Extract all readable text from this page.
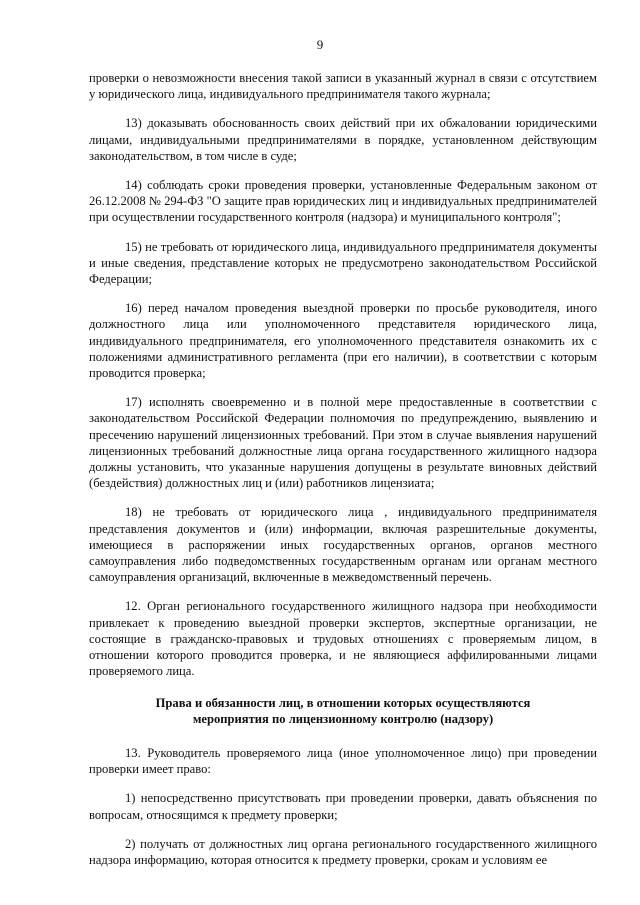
9

проверки о невозможности внесения такой записи в указанный журнал в связи с отсутствием у юридического лица, индивидуального предпринимателя такого журнала;

13) доказывать обоснованность своих действий при их обжаловании юридическими лицами, индивидуальными предпринимателями в порядке, установленном действующим законодательством, в том числе в суде;

14) соблюдать сроки проведения проверки, установленные Федеральным законом от 26.12.2008 № 294-ФЗ "О защите прав юридических лиц и индивидуальных предпринимателей при осуществлении государственного контроля (надзора) и муниципального контроля";

15) не требовать от юридического лица, индивидуального предпринимателя документы и иные сведения, представление которых не предусмотрено законодательством Российской Федерации;

16) перед началом проведения выездной проверки по просьбе руководителя, иного должностного лица или уполномоченного представителя юридического лица, индивидуального предпринимателя, его уполномоченного представителя ознакомить их с положениями административного регламента (при его наличии), в соответствии с которым проводится проверка;

17) исполнять своевременно и в полной мере предоставленные в соответствии с законодательством Российской Федерации полномочия по предупреждению, выявлению и пресечению нарушений лицензионных требований. При этом в случае выявления нарушений лицензионных требований должностные лица органа государственного жилищного надзора должны установить, что указанные нарушения допущены в результате виновных действий (бездействия) должностных лиц и (или) работников лицензиата;

18) не требовать от юридического лица , индивидуального предпринимателя представления документов и (или) информации, включая разрешительные документы, имеющиеся в распоряжении иных государственных органов, органов местного самоуправления либо подведомственных государственным органам или органам местного самоуправления организаций, включенные в межведомственный перечень.

12. Орган регионального государственного жилищного надзора при необходимости привлекает к проведению выездной проверки экспертов, экспертные организации, не состоящие в гражданско-правовых и трудовых отношениях с проверяемым лицом, в отношении которого проводится проверка, и не являющиеся аффилированными лицами проверяемого лица.

Права и обязанности лиц, в отношении которых осуществляются
мероприятия по лицензионному контролю (надзору)

13. Руководитель проверяемого лица (иное уполномоченное лицо) при проведении проверки имеет право:

1) непосредственно присутствовать при проведении проверки, давать объяснения по вопросам, относящимся к предмету проверки;

2) получать от должностных лиц органа регионального государственного жилищного надзора информацию, которая относится к предмету проверки, срокам и условиям ее
